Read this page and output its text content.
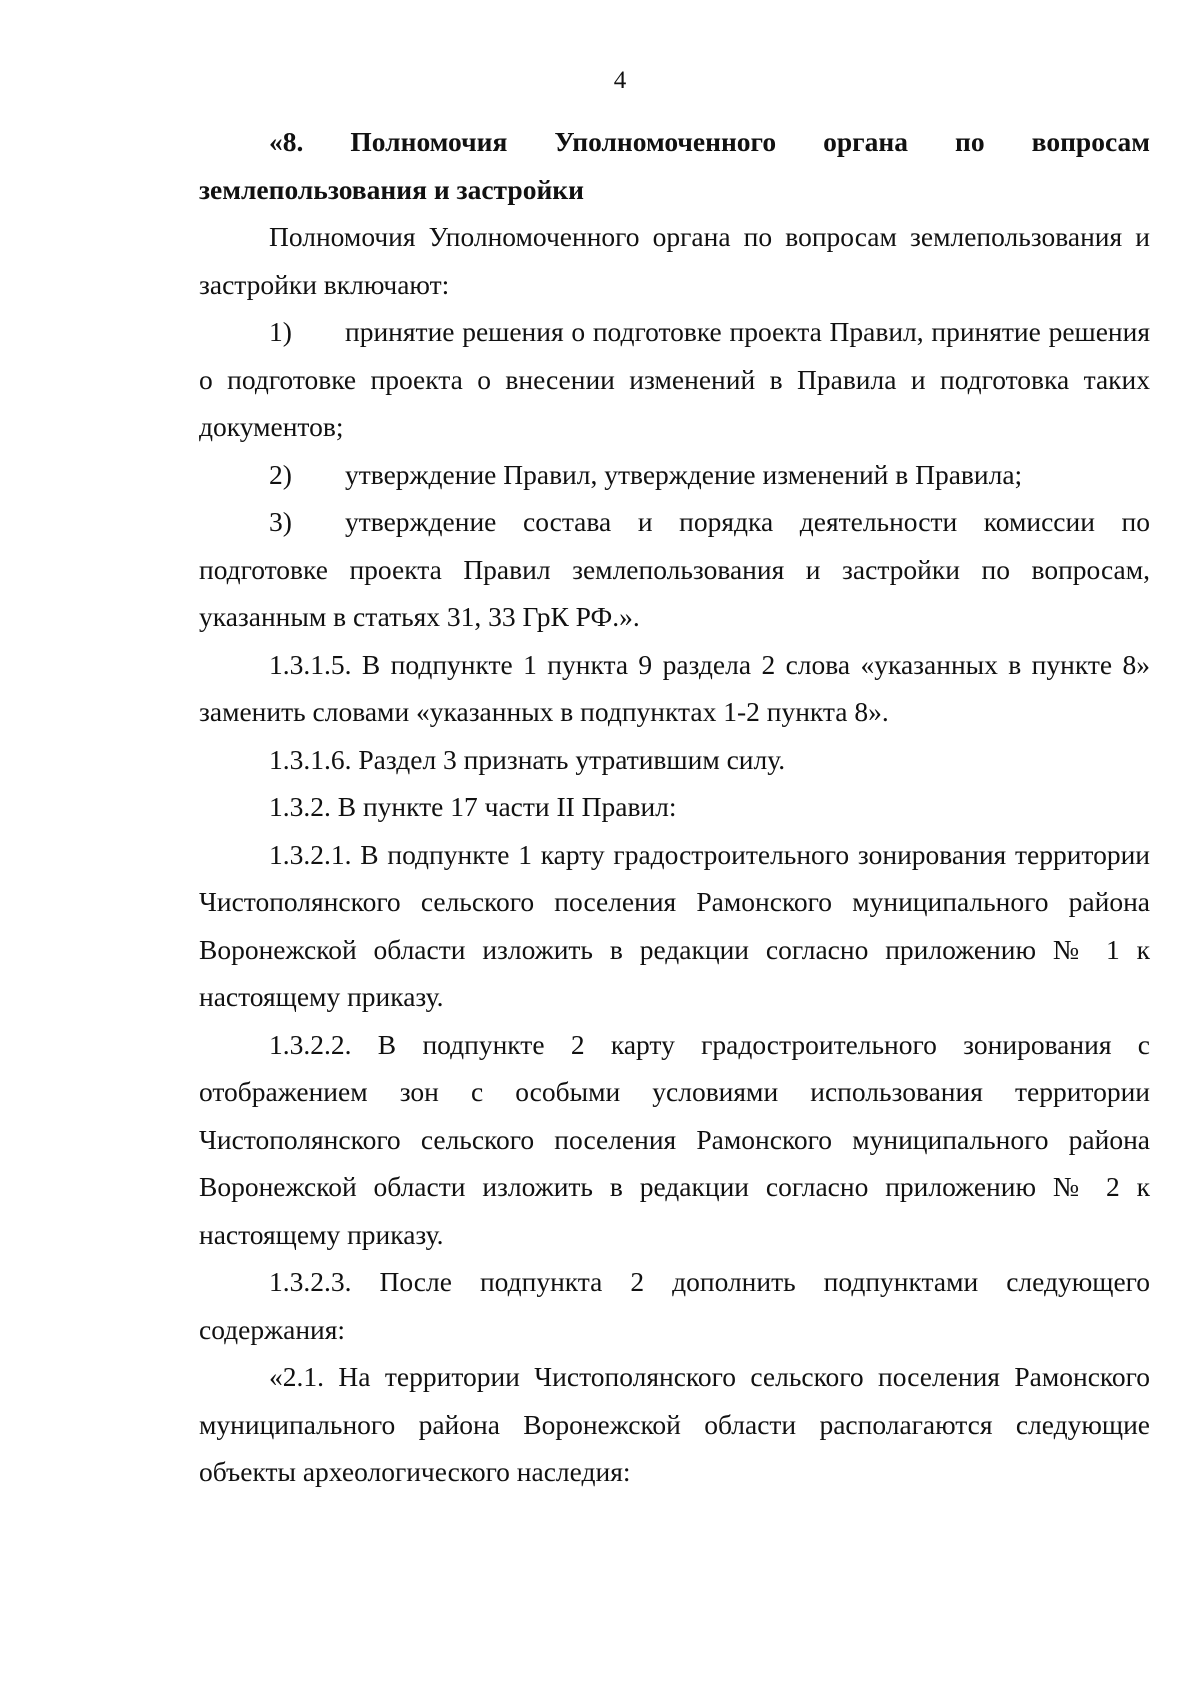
4

«8. Полномочия Уполномоченного органа по вопросам землепользования и застройки

Полномочия Уполномоченного органа по вопросам землепользования и застройки включают:

1) принятие решения о подготовке проекта Правил, принятие решения о подготовке проекта о внесении изменений в Правила и подготовка таких документов;

2) утверждение Правил, утверждение изменений в Правила;

3) утверждение состава и порядка деятельности комиссии по подготовке проекта Правил землепользования и застройки по вопросам, указанным в статьях 31, 33 ГрК РФ.».

1.3.1.5. В подпункте 1 пункта 9 раздела 2 слова «указанных в пункте 8» заменить словами «указанных в подпунктах 1-2 пункта 8».

1.3.1.6. Раздел 3 признать утратившим силу.

1.3.2. В пункте 17 части II Правил:

1.3.2.1. В подпункте 1 карту градостроительного зонирования территории Чистополянского сельского поселения Рамонского муниципального района Воронежской области изложить в редакции согласно приложению № 1 к настоящему приказу.

1.3.2.2. В подпункте 2 карту градостроительного зонирования с отображением зон с особыми условиями использования территории Чистополянского сельского поселения Рамонского муниципального района Воронежской области изложить в редакции согласно приложению № 2 к настоящему приказу.

1.3.2.3. После подпункта 2 дополнить подпунктами следующего содержания:

«2.1. На территории Чистополянского сельского поселения Рамонского муниципального района Воронежской области располагаются следующие объекты археологического наследия:
